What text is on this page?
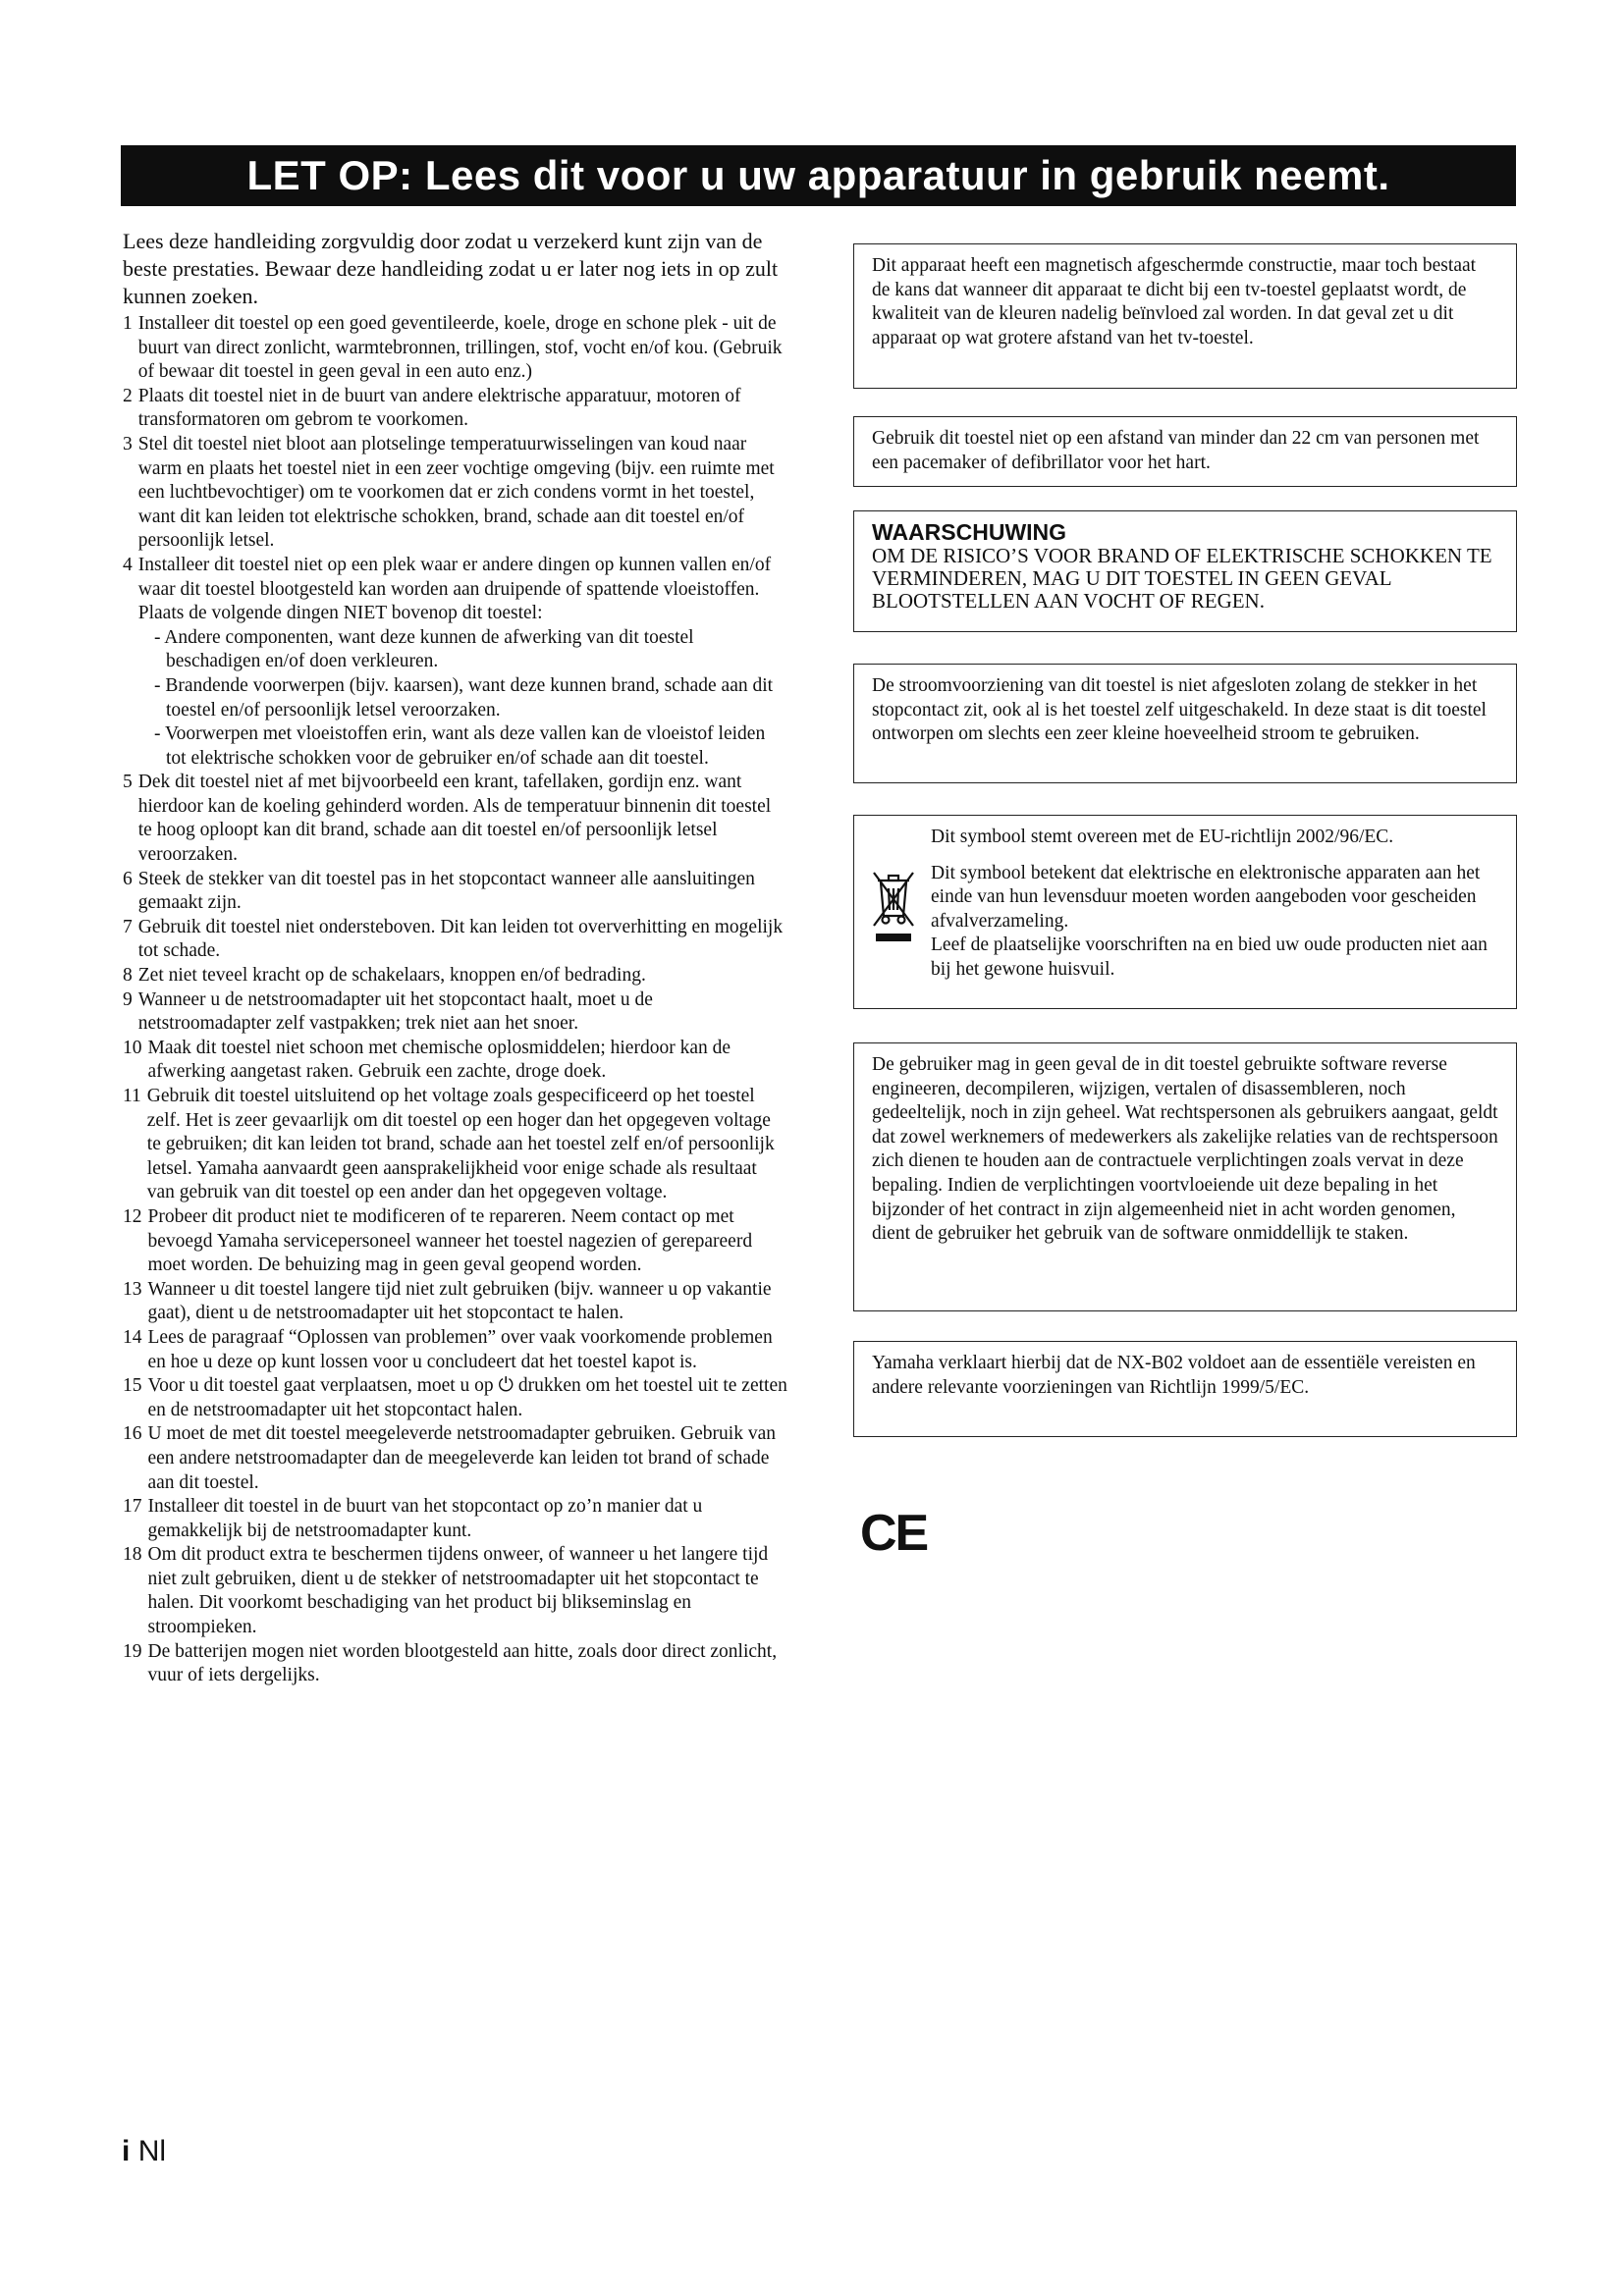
LET OP: Lees dit voor u uw apparatuur in gebruik neemt.
Lees deze handleiding zorgvuldig door zodat u verzekerd kunt zijn van de beste prestaties. Bewaar deze handleiding zodat u er later nog iets in op zult kunnen zoeken.
1 Installeer dit toestel op een goed geventileerde, koele, droge en schone plek - uit de buurt van direct zonlicht, warmtebronnen, trillingen, stof, vocht en/of kou. (Gebruik of bewaar dit toestel in geen geval in een auto enz.)
2 Plaats dit toestel niet in de buurt van andere elektrische apparatuur, motoren of transformatoren om gebrom te voorkomen.
3 Stel dit toestel niet bloot aan plotselinge temperatuurwisselingen van koud naar warm en plaats het toestel niet in een zeer vochtige omgeving (bijv. een ruimte met een luchtbevochtiger) om te voorkomen dat er zich condens vormt in het toestel, want dit kan leiden tot elektrische schokken, brand, schade aan dit toestel en/of persoonlijk letsel.
4 Installeer dit toestel niet op een plek waar er andere dingen op kunnen vallen en/of waar dit toestel blootgesteld kan worden aan druipende of spattende vloeistoffen. Plaats de volgende dingen NIET bovenop dit toestel:
- Andere componenten, want deze kunnen de afwerking van dit toestel beschadigen en/of doen verkleuren.
- Brandende voorwerpen (bijv. kaarsen), want deze kunnen brand, schade aan dit toestel en/of persoonlijk letsel veroorzaken.
- Voorwerpen met vloeistoffen erin, want als deze vallen kan de vloeistof leiden tot elektrische schokken voor de gebruiker en/of schade aan dit toestel.
5 Dek dit toestel niet af met bijvoorbeeld een krant, tafellaken, gordijn enz. want hierdoor kan de koeling gehinderd worden. Als de temperatuur binnenin dit toestel te hoog oploopt kan dit brand, schade aan dit toestel en/of persoonlijk letsel veroorzaken.
6 Steek de stekker van dit toestel pas in het stopcontact wanneer alle aansluitingen gemaakt zijn.
7 Gebruik dit toestel niet ondersteboven. Dit kan leiden tot oververhitting en mogelijk tot schade.
8 Zet niet teveel kracht op de schakelaars, knoppen en/of bedrading.
9 Wanneer u de netstroomadapter uit het stopcontact haalt, moet u de netstroomadapter zelf vastpakken; trek niet aan het snoer.
10 Maak dit toestel niet schoon met chemische oplosmiddelen; hierdoor kan de afwerking aangetast raken. Gebruik een zachte, droge doek.
11 Gebruik dit toestel uitsluitend op het voltage zoals gespecificeerd op het toestel zelf. Het is zeer gevaarlijk om dit toestel op een hoger dan het opgegeven voltage te gebruiken; dit kan leiden tot brand, schade aan het toestel zelf en/of persoonlijk letsel. Yamaha aanvaardt geen aansprakelijkheid voor enige schade als resultaat van gebruik van dit toestel op een ander dan het opgegeven voltage.
12 Probeer dit product niet te modificeren of te repareren. Neem contact op met bevoegd Yamaha servicepersoneel wanneer het toestel nagezien of gerepareerd moet worden. De behuizing mag in geen geval geopend worden.
13 Wanneer u dit toestel langere tijd niet zult gebruiken (bijv. wanneer u op vakantie gaat), dient u de netstroomadapter uit het stopcontact te halen.
14 Lees de paragraaf “Oplossen van problemen” over vaak voorkomende problemen en hoe u deze op kunt lossen voor u concludeert dat het toestel kapot is.
15 Voor u dit toestel gaat verplaatsen, moet u op ⏻ drukken om het toestel uit te zetten en de netstroomadapter uit het stopcontact halen.
16 U moet de met dit toestel meegeleverde netstroomadapter gebruiken. Gebruik van een andere netstroomadapter dan de meegeleverde kan leiden tot brand of schade aan dit toestel.
17 Installeer dit toestel in de buurt van het stopcontact op zo’n manier dat u gemakkelijk bij de netstroomadapter kunt.
18 Om dit product extra te beschermen tijdens onweer, of wanneer u het langere tijd niet zult gebruiken, dient u de stekker of netstroomadapter uit het stopcontact te halen. Dit voorkomt beschadiging van het product bij blikseminslag en stroompieken.
19 De batterijen mogen niet worden blootgesteld aan hitte, zoals door direct zonlicht, vuur of iets dergelijks.
Dit apparaat heeft een magnetisch afgeschermde constructie, maar toch bestaat de kans dat wanneer dit apparaat te dicht bij een tv-toestel geplaatst wordt, de kwaliteit van de kleuren nadelig beïnvloed zal worden. In dat geval zet u dit apparaat op wat grotere afstand van het tv-toestel.
Gebruik dit toestel niet op een afstand van minder dan 22 cm van personen met een pacemaker of defibrillator voor het hart.
WAARSCHUWING
OM DE RISICO’S VOOR BRAND OF ELEKTRISCHE SCHOKKEN TE VERMINDEREN, MAG U DIT TOESTEL IN GEEN GEVAL BLOOTSTELLEN AAN VOCHT OF REGEN.
De stroomvoorziening van dit toestel is niet afgesloten zolang de stekker in het stopcontact zit, ook al is het toestel zelf uitgeschakeld. In deze staat is dit toestel ontworpen om slechts een zeer kleine hoeveelheid stroom te gebruiken.

Dit symbool stemt overeen met de EU-richtlijn 2002/96/EC.

Dit symbool betekent dat elektrische en elektronische apparaten aan het einde van hun levensduur moeten worden aangeboden voor gescheiden afvalverzameling.

Leef de plaatselijke voorschriften na en bied uw oude producten niet aan bij het gewone huisvuil.

De gebruiker mag in geen geval de in dit toestel gebruikte software reverse engineeren, decompileren, wijzigen, vertalen of disassembleren, noch gedeeltelijk, noch in zijn geheel. Wat rechtspersonen als gebruikers aangaat, geldt dat zowel werknemers of medewerkers als zakelijke relaties van de rechtspersoon zich dienen te houden aan de contractuele verplichtingen zoals vervat in deze bepaling. Indien de verplichtingen voortvloeiende uit deze bepaling in het bijzonder of het contract in zijn algemeenheid niet in acht worden genomen, dient de gebruiker het gebruik van de software onmiddellijk te staken.
Yamaha verklaart hierbij dat de NX-B02 voldoet aan de essentiële vereisten en andere relevante voorzieningen van Richtlijn 1999/5/EC.
CE
i Nl
